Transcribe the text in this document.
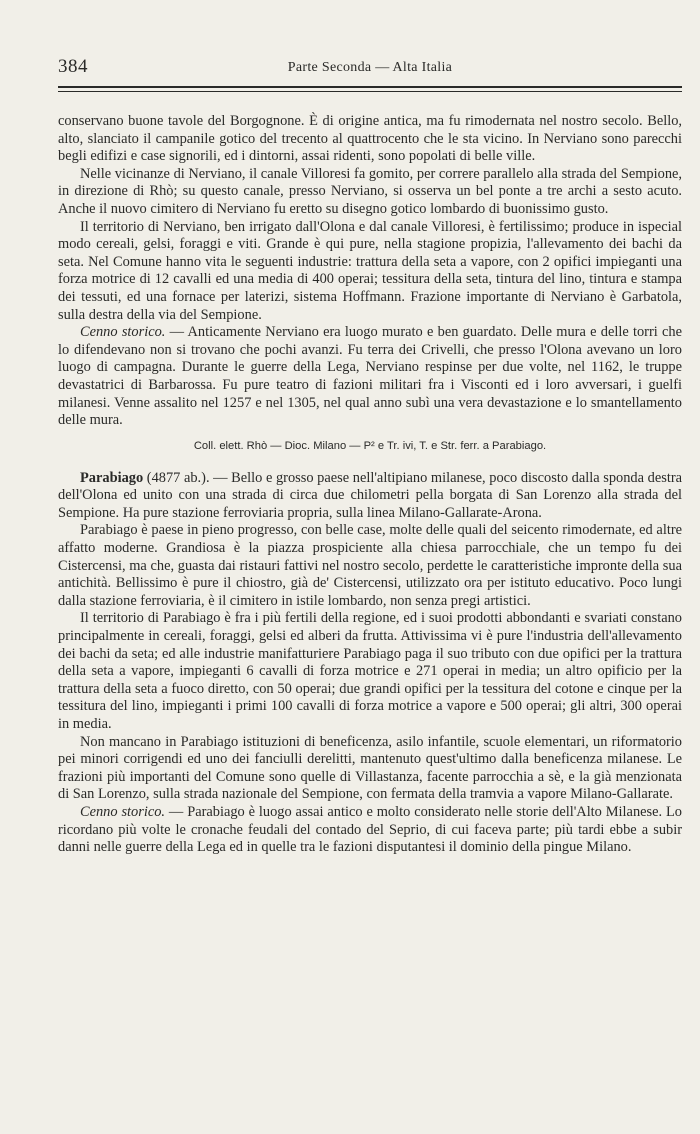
384	Parte Seconda — Alta Italia

conservano buone tavole del Borgognone. È di origine antica, ma fu rimodernata nel nostro secolo. Bello, alto, slanciato il campanile gotico del trecento al quattrocento che le sta vicino. In Nerviano sono parecchi begli edifizi e case signorili, ed i dintorni, assai ridenti, sono popolati di belle ville.

Nelle vicinanze di Nerviano, il canale Villoresi fa gomito, per correre parallelo alla strada del Sempione, in direzione di Rhò; su questo canale, presso Nerviano, si osserva un bel ponte a tre archi a sesto acuto. Anche il nuovo cimitero di Nerviano fu eretto su disegno gotico lombardo di buonissimo gusto.

Il territorio di Nerviano, ben irrigato dall'Olona e dal canale Villoresi, è fertilissimo; produce in ispecial modo cereali, gelsi, foraggi e viti. Grande è qui pure, nella stagione propizia, l'allevamento dei bachi da seta. Nel Comune hanno vita le seguenti industrie: trattura della seta a vapore, con 2 opifici impieganti una forza motrice di 12 cavalli ed una media di 400 operai; tessitura della seta, tintura del lino, tintura e stampa dei tessuti, ed una fornace per laterizi, sistema Hoffmann. Frazione importante di Nerviano è Garbatola, sulla destra della via del Sempione.

Cenno storico. — Anticamente Nerviano era luogo murato e ben guardato. Delle mura e delle torri che lo difendevano non si trovano che pochi avanzi. Fu terra dei Crivelli, che presso l'Olona avevano un loro luogo di campagna. Durante le guerre della Lega, Nerviano respinse per due volte, nel 1162, le truppe devastatrici di Barbarossa. Fu pure teatro di fazioni militari fra i Visconti ed i loro avversari, i guelfi milanesi. Venne assalito nel 1257 e nel 1305, nel qual anno subì una vera devastazione e lo smantellamento delle mura.

Coll. elett. Rhò — Dioc. Milano — P² e Tr. ivi, T. e Str. ferr. a Parabiago.

Parabiago (4877 ab.). — Bello e grosso paese nell'altipiano milanese, poco discosto dalla sponda destra dell'Olona ed unito con una strada di circa due chilometri pella borgata di San Lorenzo alla strada del Sempione. Ha pure stazione ferroviaria propria, sulla linea Milano-Gallarate-Arona.

Parabiago è paese in pieno progresso, con belle case, molte delle quali del seicento rimodernate, ed altre affatto moderne. Grandiosa è la piazza prospiciente alla chiesa parrocchiale, che un tempo fu dei Cistercensi, ma che, guasta dai ristauri fattivi nel nostro secolo, perdette le caratteristiche impronte della sua antichità. Bellissimo è pure il chiostro, già de' Cistercensi, utilizzato ora per istituto educativo. Poco lungi dalla stazione ferroviaria, è il cimitero in istile lombardo, non senza pregi artistici.

Il territorio di Parabiago è fra i più fertili della regione, ed i suoi prodotti abbondanti e svariati constano principalmente in cereali, foraggi, gelsi ed alberi da frutta. Attivissima vi è pure l'industria dell'allevamento dei bachi da seta; ed alle industrie manifatturiere Parabiago paga il suo tributo con due opifici per la trattura della seta a vapore, impieganti 6 cavalli di forza motrice e 271 operai in media; un altro opificio per la trattura della seta a fuoco diretto, con 50 operai; due grandi opifici per la tessitura del cotone e cinque per la tessitura del lino, impieganti i primi 100 cavalli di forza motrice a vapore e 500 operai; gli altri, 300 operai in media.

Non mancano in Parabiago istituzioni di beneficenza, asilo infantile, scuole elementari, un riformatorio pei minori corrigendi ed uno dei fanciulli derelitti, mantenuto quest'ultimo dalla beneficenza milanese. Le frazioni più importanti del Comune sono quelle di Villastanza, facente parrocchia a sè, e la già menzionata di San Lorenzo, sulla strada nazionale del Sempione, con fermata della tramvia a vapore Milano-Gallarate.

Cenno storico. — Parabiago è luogo assai antico e molto considerato nelle storie dell'Alto Milanese. Lo ricordano più volte le cronache feudali del contado del Seprio, di cui faceva parte; più tardi ebbe a subir danni nelle guerre della Lega ed in quelle tra le fazioni disputantesi il dominio della pingue Milano.
